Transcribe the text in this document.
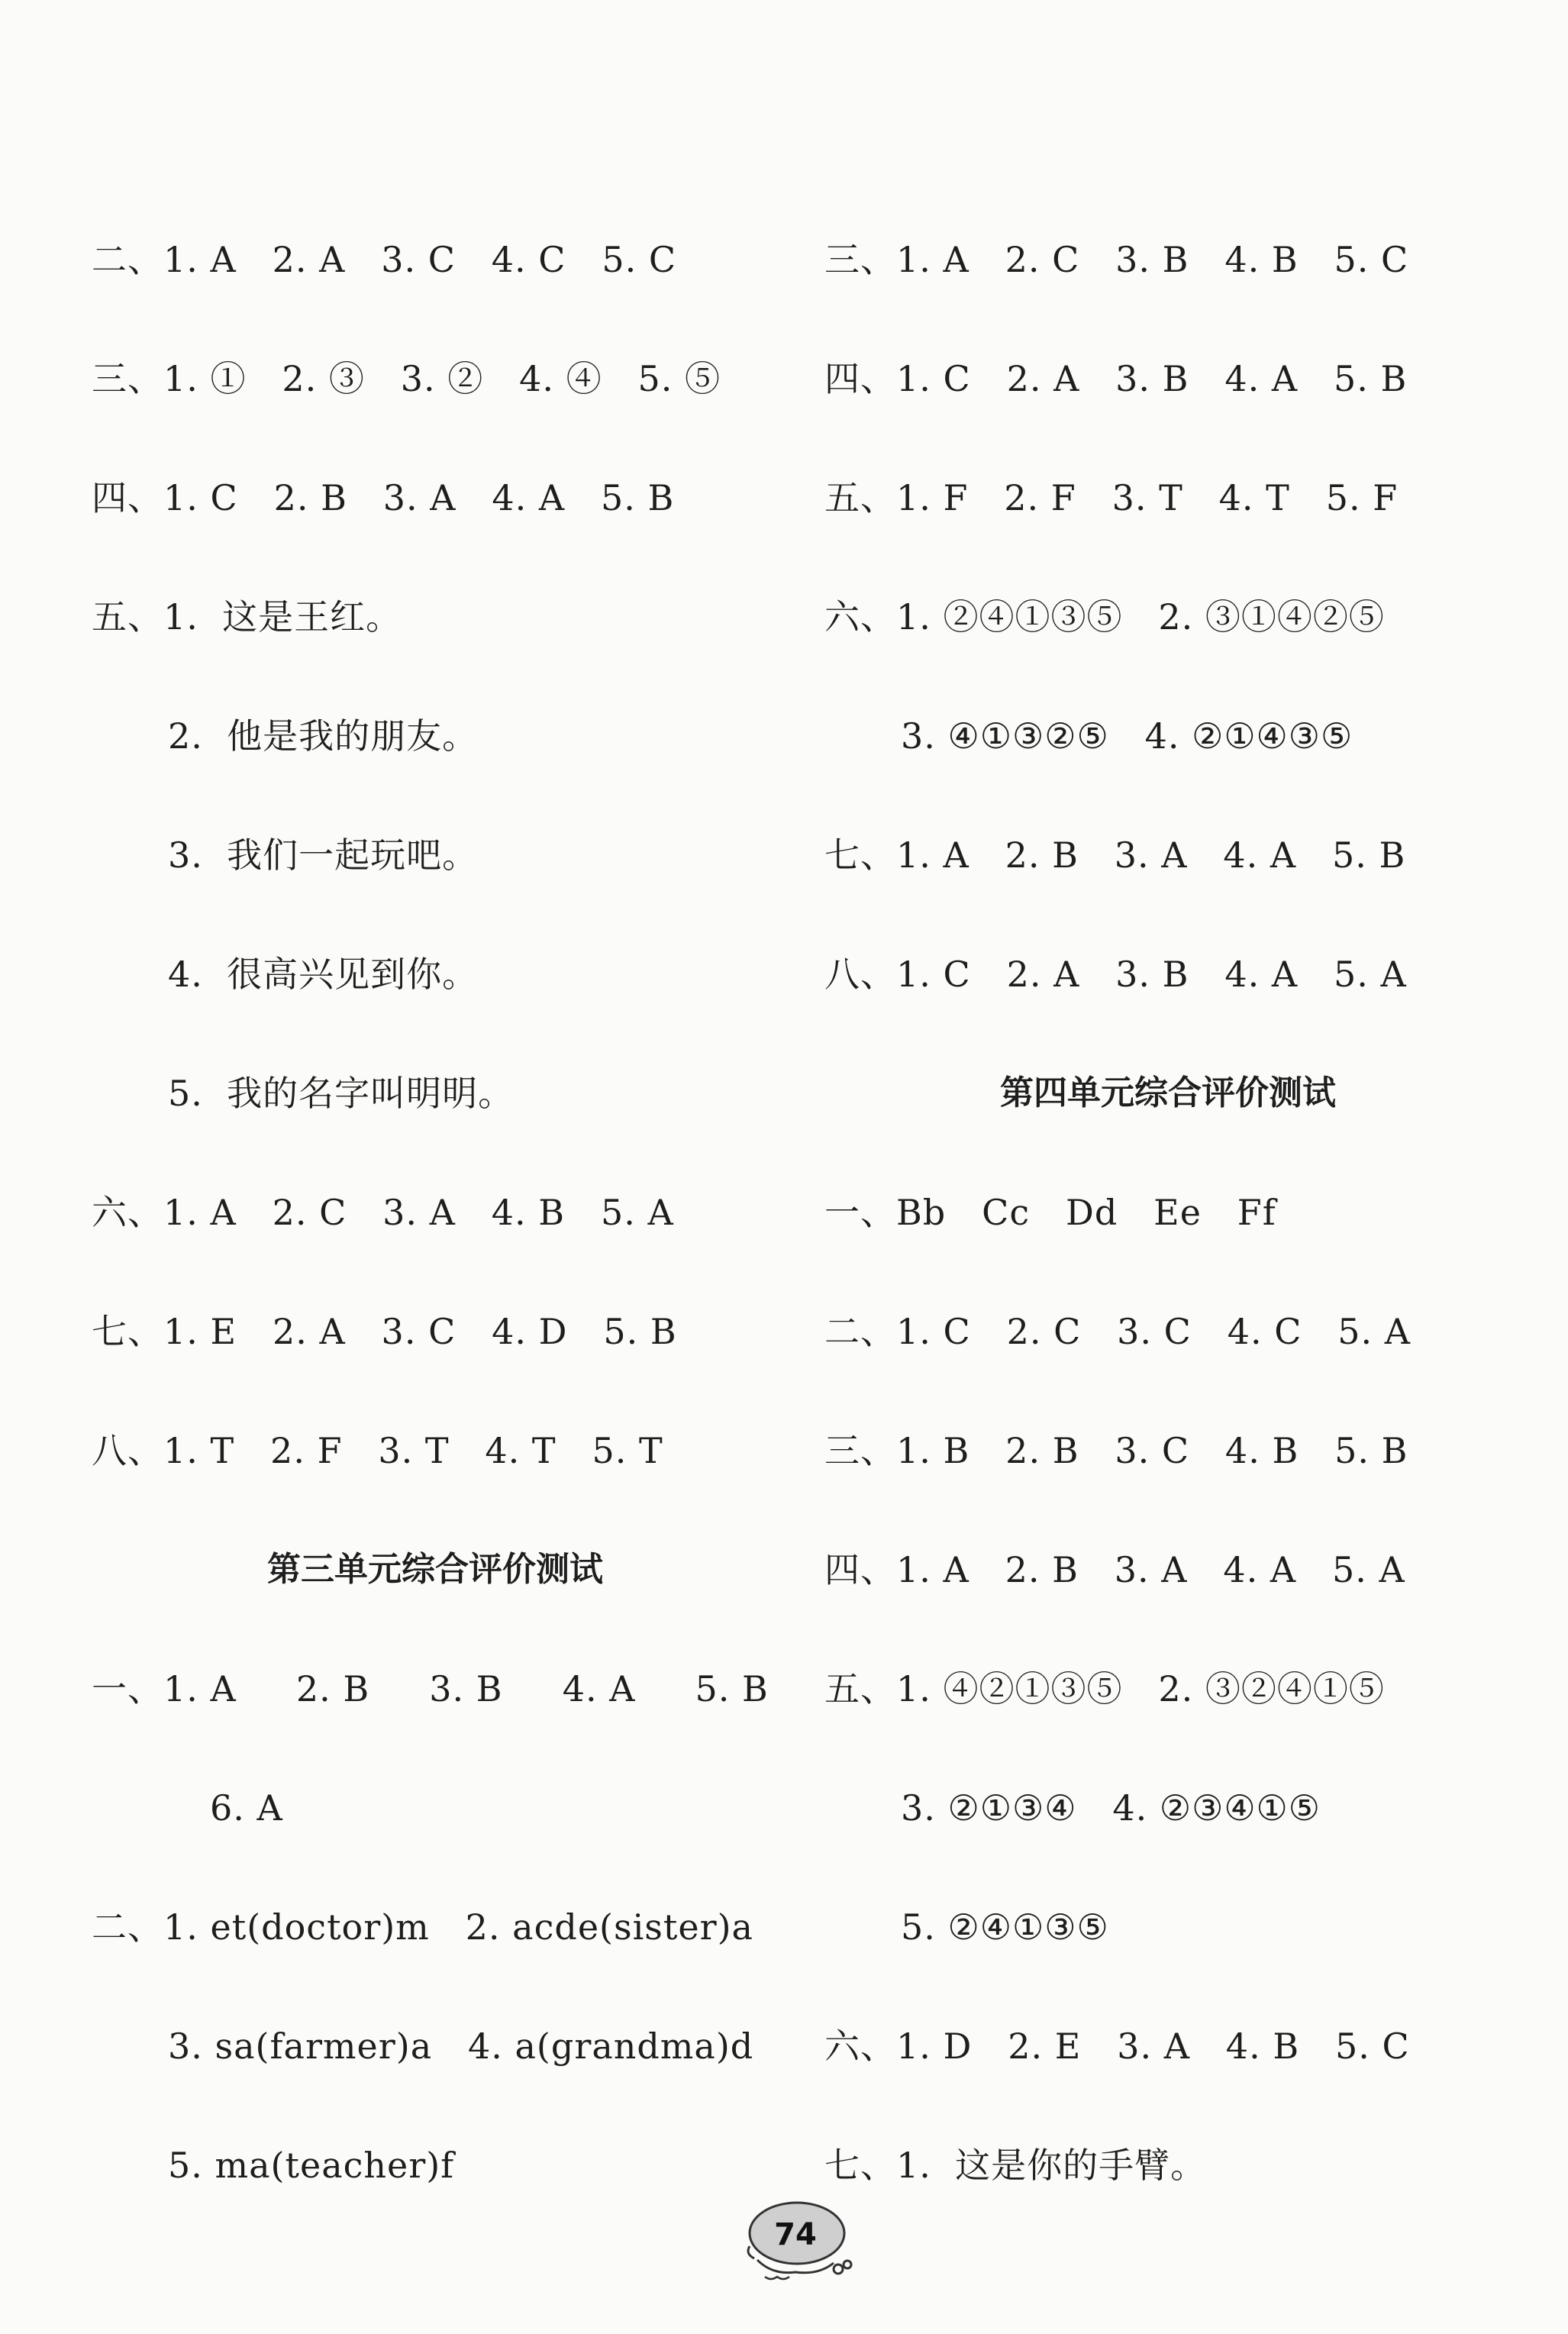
二、1. A   2. A   3. C   4. C   5. C
三、1. ①   2. ③   3. ②   4. ④   5. ⑤
四、1. C   2. B   3. A   4. A   5. B
五、1.  这是王红。
2.  他是我的朋友。
3.  我们一起玩吧。
4.  很高兴见到你。
5.  我的名字叫明明。
六、1. A   2. C   3. A   4. B   5. A
七、1. E   2. A   3. C   4. D   5. B
八、1. T   2. F   3. T   4. T   5. T
第三单元综合评价测试
一、1. A     2. B     3. B     4. A     5. B
6. A
二、1. et(doctor)m   2. acde(sister)a
3. sa(farmer)a   4. a(grandma)d
5. ma(teacher)f
三、1. A   2. C   3. B   4. B   5. C
四、1. C   2. A   3. B   4. A   5. B
五、1. F   2. F   3. T   4. T   5. F
六、1. ②④①③⑤   2. ③①④②⑤
3. ④①③②⑤   4. ②①④③⑤
七、1. A   2. B   3. A   4. A   5. B
八、1. C   2. A   3. B   4. A   5. A
第四单元综合评价测试
一、Bb   Cc   Dd   Ee   Ff
二、1. C   2. C   3. C   4. C   5. A
三、1. B   2. B   3. C   4. B   5. B
四、1. A   2. B   3. A   4. A   5. A
五、1. ④②①③⑤   2. ③②④①⑤
3. ②①③④   4. ②③④①⑤
5. ②④①③⑤
六、1. D   2. E   3. A   4. B   5. C
七、1.  这是你的手臂。
74
